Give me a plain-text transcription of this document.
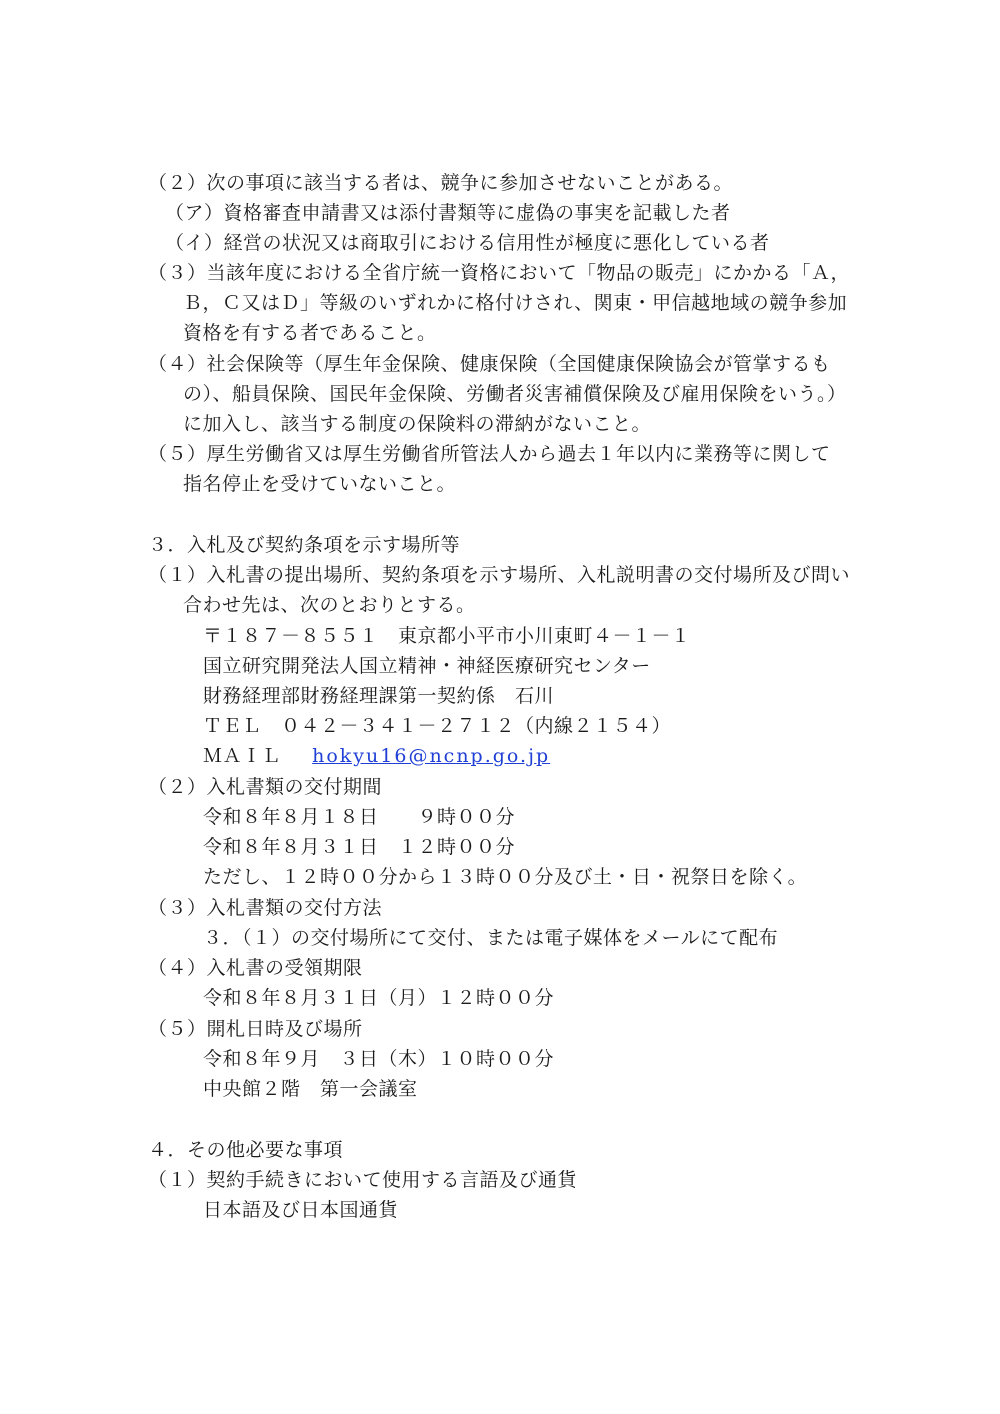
（２）次の事項に該当する者は、競争に参加させないことがある。
（ア）資格審査申請書又は添付書類等に虚偽の事実を記載した者
（イ）経営の状況又は商取引における信用性が極度に悪化している者
（３）当該年度における全省庁統一資格において「物品の販売」にかかる「Ａ，
Ｂ，Ｃ又はＤ」等級のいずれかに格付けされ、関東・甲信越地域の競争参加
資格を有する者であること。
（４）社会保険等（厚生年金保険、健康保険（全国健康保険協会が管掌するも
の）、船員保険、国民年金保険、労働者災害補償保険及び雇用保険をいう。）
に加入し、該当する制度の保険料の滞納がないこと。
（５）厚生労働省又は厚生労働省所管法人から過去１年以内に業務等に関して
指名停止を受けていないこと。
３．入札及び契約条項を示す場所等
（１）入札書の提出場所、契約条項を示す場所、入札説明書の交付場所及び問い
合わせ先は、次のとおりとする。
〒１８７－８５５１　東京都小平市小川東町４－１－１
国立研究開発法人国立精神・神経医療研究センター
財務経理部財務経理課第一契約係　石川
ＴＥＬ　０４２－３４１－２７１２（内線２１５４）
ＭＡＩＬ hokyu16@ncnp.go.jp
（２）入札書類の交付期間
令和８年８月１８日　　９時００分
令和８年８月３１日　１２時００分
ただし、１２時００分から１３時００分及び土・日・祝祭日を除く。
（３）入札書類の交付方法
３．（１）の交付場所にて交付、または電子媒体をメールにて配布
（４）入札書の受領期限
令和８年８月３１日（月）１２時００分
（５）開札日時及び場所
令和８年９月　３日（木）１０時００分
中央館２階　第一会議室
４．その他必要な事項
（１）契約手続きにおいて使用する言語及び通貨
日本語及び日本国通貨
